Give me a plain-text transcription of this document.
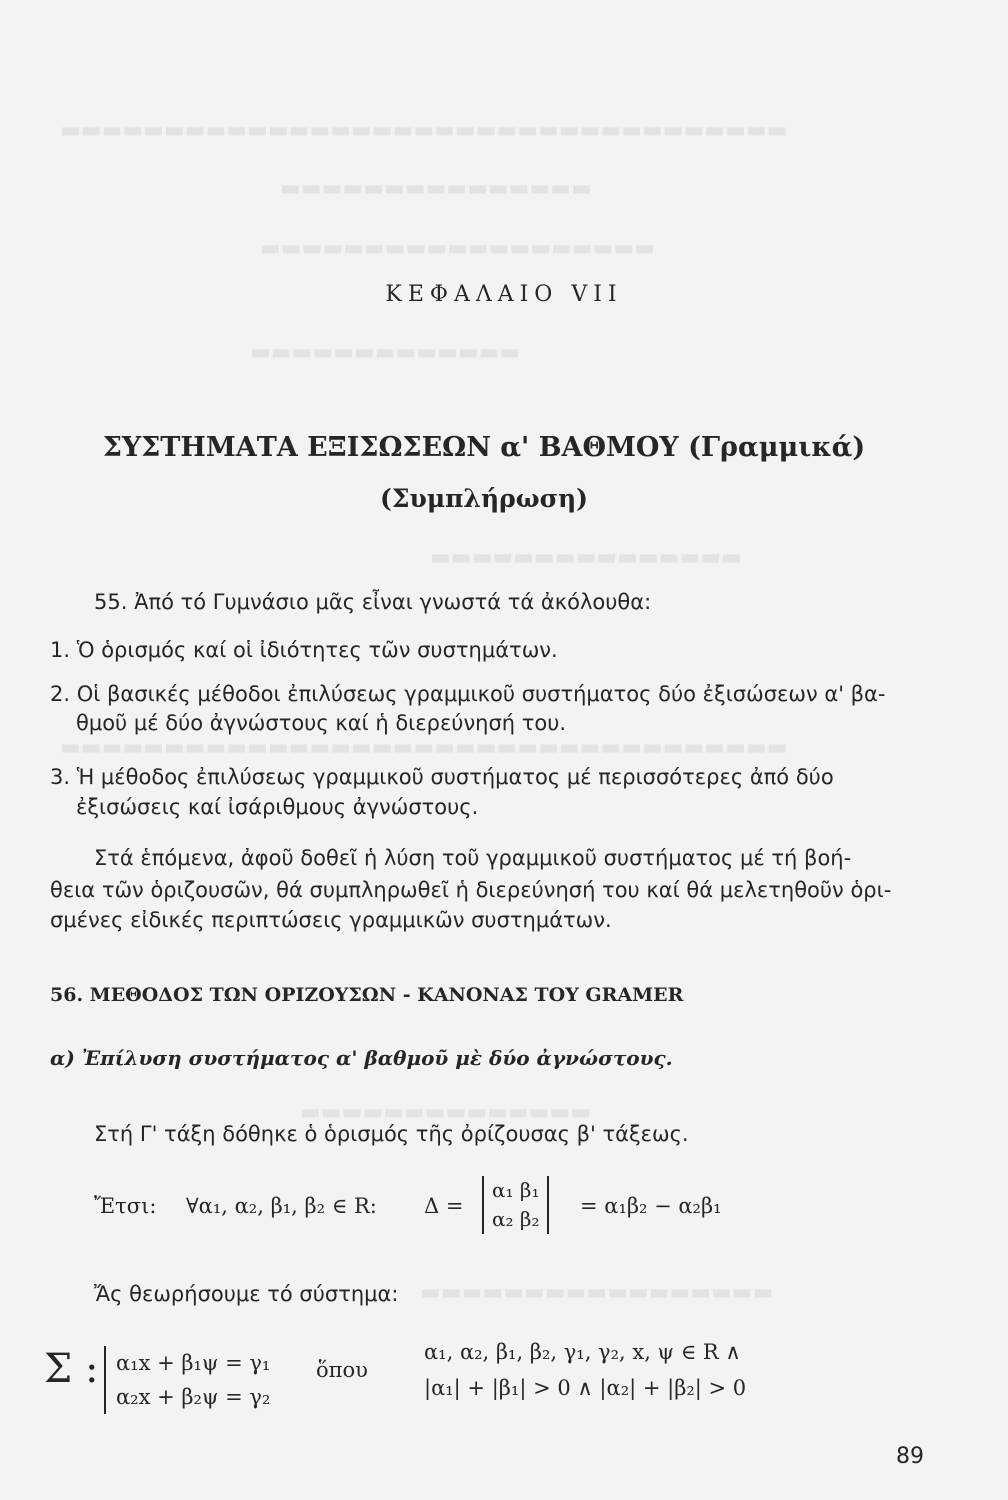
▬▬▬▬▬▬▬▬▬▬▬▬▬▬▬▬▬▬▬▬▬▬▬▬▬▬▬▬▬▬▬▬▬▬▬
▬▬▬▬▬▬▬▬▬▬▬▬▬▬▬
▬▬▬▬▬▬▬▬▬▬▬▬▬▬▬▬▬▬▬
▬▬▬▬▬▬▬▬▬▬▬▬▬
▬▬▬▬▬▬▬▬▬▬▬▬▬▬▬
▬▬▬▬▬▬▬▬▬▬▬▬▬▬▬▬▬▬▬▬▬▬▬▬▬▬▬▬▬▬▬▬▬▬▬
▬▬▬▬▬▬▬▬▬▬▬▬▬▬
▬▬▬▬▬▬▬▬▬▬▬▬▬▬▬▬▬
ΚΕΦΑΛΑΙΟ VII
ΣΥΣΤΗΜΑΤΑ ΕΞΙΣΩΣΕΩΝ α' ΒΑΘΜΟΥ (Γραμμικά)
(Συμπλήρωση)
55. Ἀπό τό Γυμνάσιο μᾶς εἶναι γνωστά τά ἀκόλουθα:
1. Ὁ ὁρισμός καί οἱ ἰδιότητες τῶν συστημάτων.
2. Οἱ βασικές μέθοδοι ἐπιλύσεως γραμμικοῦ συστήματος δύο ἐξισώσεων α' βα-
θμοῦ μέ δύο ἀγνώστους καί ἡ διερεύνησή του.
3. Ἡ μέθοδος ἐπιλύσεως γραμμικοῦ συστήματος μέ περισσότερες ἀπό δύο
ἐξισώσεις καί ἰσάριθμους ἀγνώστους.
Στά ἑπόμενα, ἀφοῦ δοθεῖ ἡ λύση τοῦ γραμμικοῦ συστήματος μέ τή βοή-
θεια τῶν ὁριζουσῶν, θά συμπληρωθεῖ ἡ διερεύνησή του καί θά μελετηθοῦν ὁρι-
σμένες εἰδικές περιπτώσεις γραμμικῶν συστημάτων.
56. ΜΕΘΟΔΟΣ ΤΩΝ ΟΡΙΖΟΥΣΩΝ - ΚΑΝΟΝΑΣ ΤΟΥ GRAMER
α) Ἐπίλυση συστήματος α' βαθμοῦ μὲ δύο ἀγνώστους.
Στή Γ' τάξη δόθηκε ὁ ὁρισμός τῆς ὀρίζουσας β' τάξεως.
Ἔτσι: ∀α₁, α₂, β₁, β₂ ∈ R: Δ =
α₁ β₁
α₂ β₂
= α₁β₂ − α₂β₁
Ἄς θεωρήσουμε τό σύστημα:
Σ : α₁x + β₁ψ = γ₁
α₂x + β₂ψ = γ₂
ὅπου
α₁, α₂, β₁, β₂, γ₁, γ₂, x, ψ ∈ R ∧
|α₁| + |β₁| > 0 ∧ |α₂| + |β₂| > 0
89
